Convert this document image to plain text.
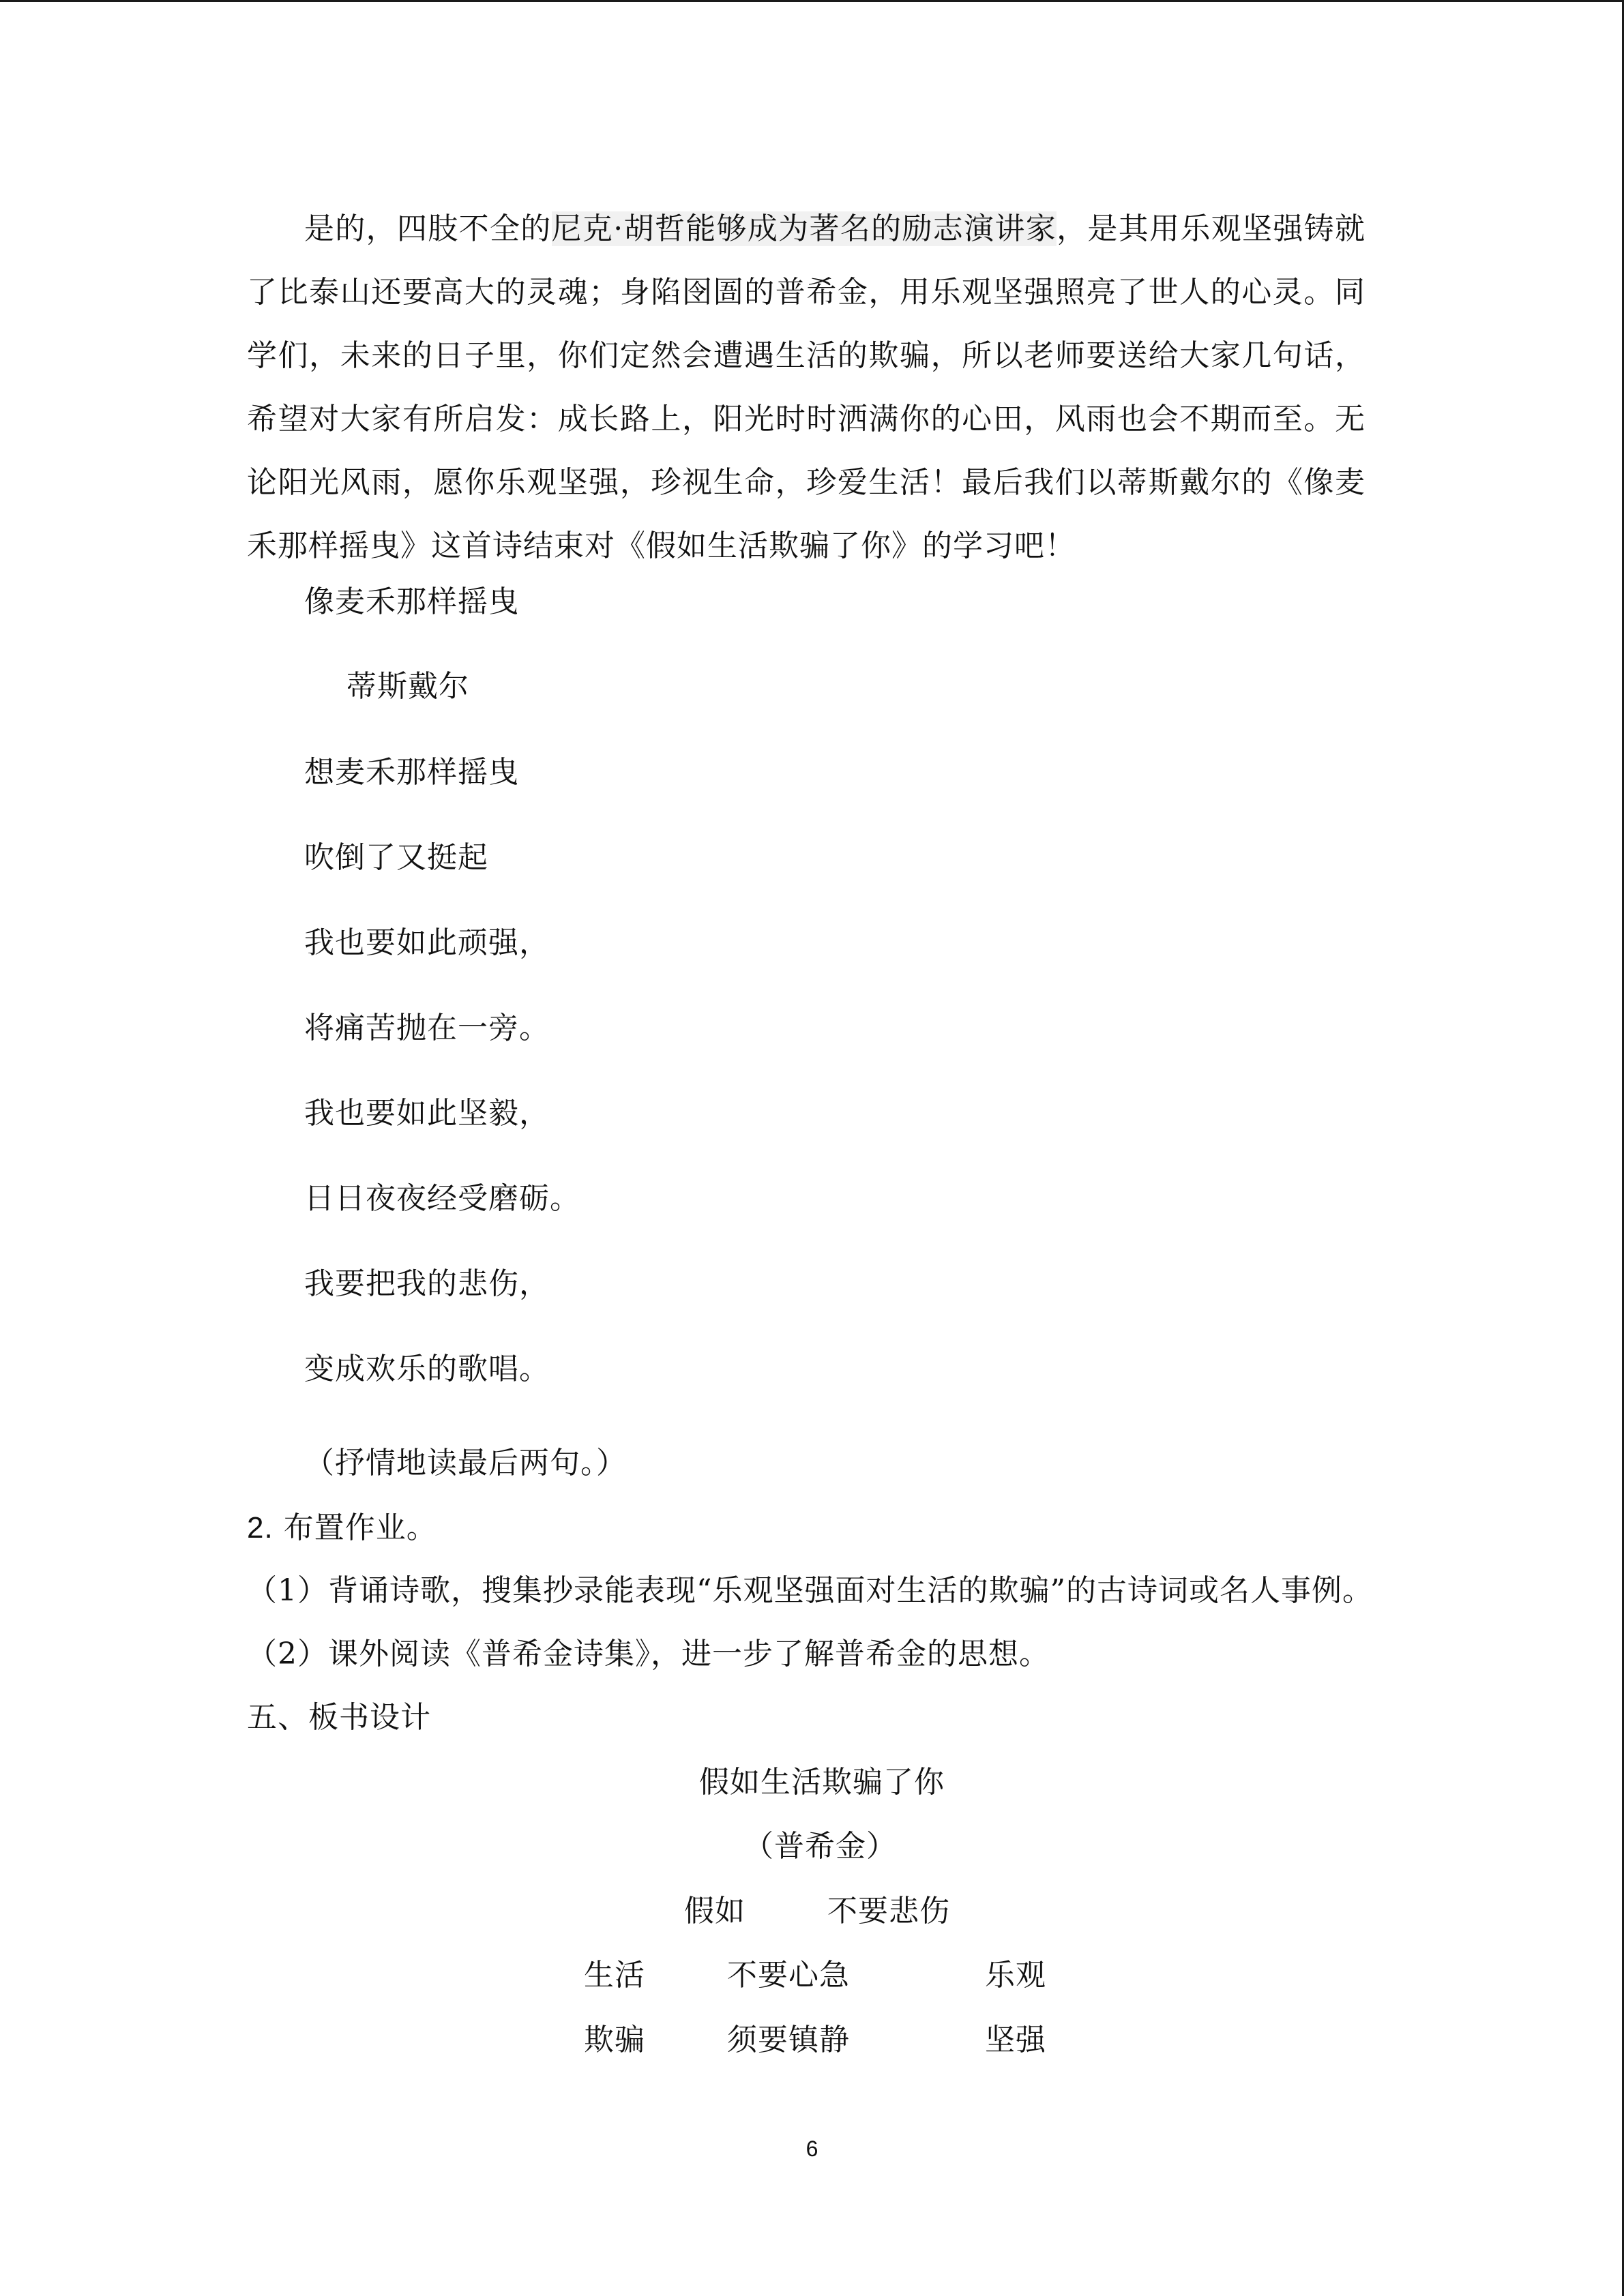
是的，四肢不全的尼克·胡哲能够成为著名的励志演讲家，是其用乐观坚强铸就了比泰山还要高大的灵魂；身陷囹圄的普希金，用乐观坚强照亮了世人的心灵。同学们，未来的日子里，你们定然会遭遇生活的欺骗，所以老师要送给大家几句话，希望对大家有所启发：成长路上，阳光时时洒满你的心田，风雨也会不期而至。无论阳光风雨，愿你乐观坚强，珍视生命，珍爱生活！最后我们以蒂斯戴尔的《像麦禾那样摇曳》这首诗结束对《假如生活欺骗了你》的学习吧！
像麦禾那样摇曳
蒂斯戴尔
想麦禾那样摇曳
吹倒了又挺起
我也要如此顽强，
将痛苦抛在一旁。
我也要如此坚毅，
日日夜夜经受磨砺。
我要把我的悲伤，
变成欢乐的歌唱。
（抒情地读最后两句。）
2. 布置作业。
（1）背诵诗歌，搜集抄录能表现“乐观坚强面对生活的欺骗”的古诗词或名人事例。
（2）课外阅读《普希金诗集》，进一步了解普希金的思想。
五、板书设计
假如生活欺骗了你
（普希金）
假如	不要悲伤
生活	不要心急	乐观
欺骗	须要镇静	坚强
6
